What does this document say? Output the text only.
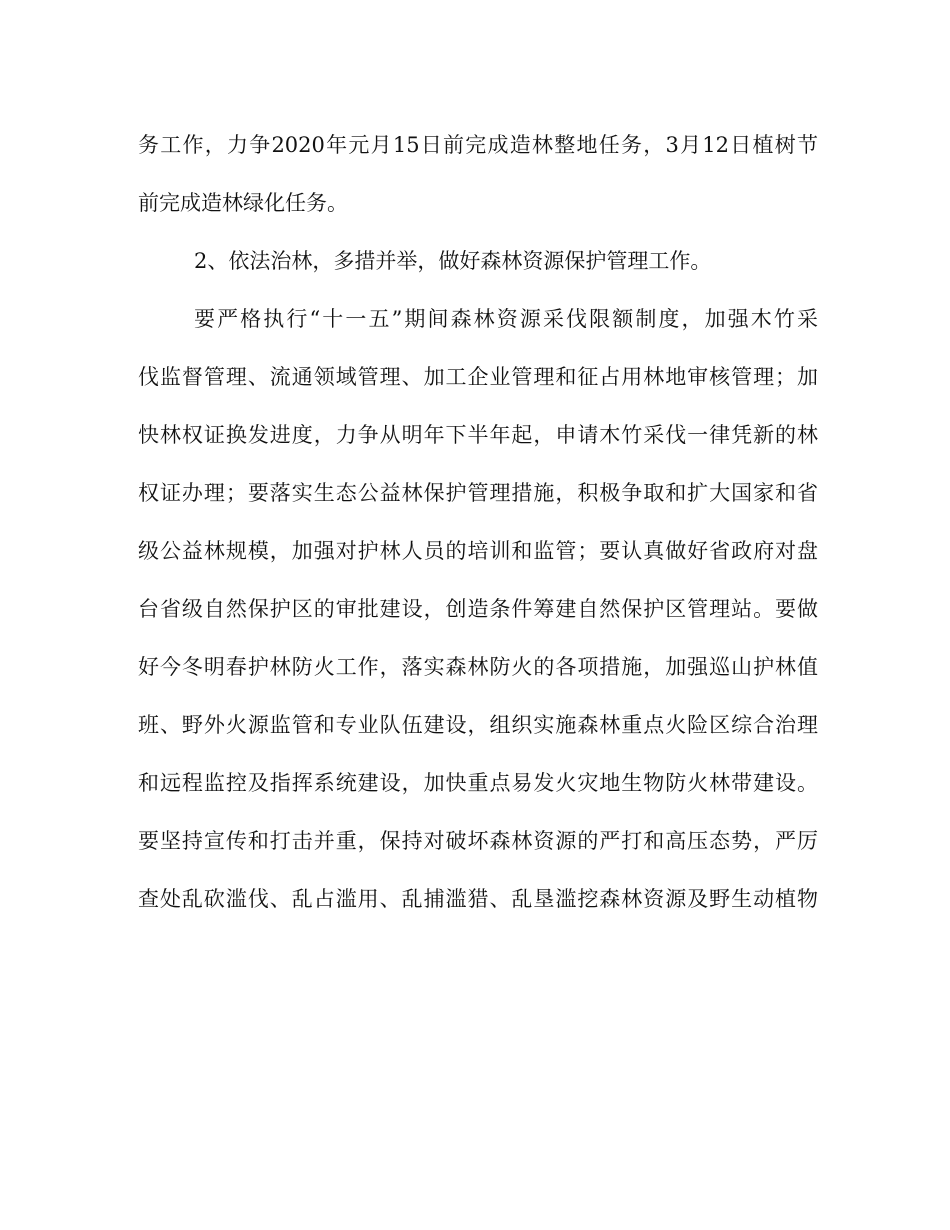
务工作，力争2020年元月15日前完成造林整地任务，3月12日植树节
前完成造林绿化任务。
2、依法治林，多措并举，做好森林资源保护管理工作。
要严格执行“十一五”期间森林资源采伐限额制度，加强木竹采
伐监督管理、流通领域管理、加工企业管理和征占用林地审核管理；加
快林权证换发进度，力争从明年下半年起，申请木竹采伐一律凭新的林
权证办理；要落实生态公益林保护管理措施，积极争取和扩大国家和省
级公益林规模，加强对护林人员的培训和监管；要认真做好省政府对盘
台省级自然保护区的审批建设，创造条件筹建自然保护区管理站。要做
好今冬明春护林防火工作，落实森林防火的各项措施，加强巡山护林值
班、野外火源监管和专业队伍建设，组织实施森林重点火险区综合治理
和远程监控及指挥系统建设，加快重点易发火灾地生物防火林带建设。
要坚持宣传和打击并重，保持对破坏森林资源的严打和高压态势，严厉
查处乱砍滥伐、乱占滥用、乱捕滥猎、乱垦滥挖森林资源及野生动植物
